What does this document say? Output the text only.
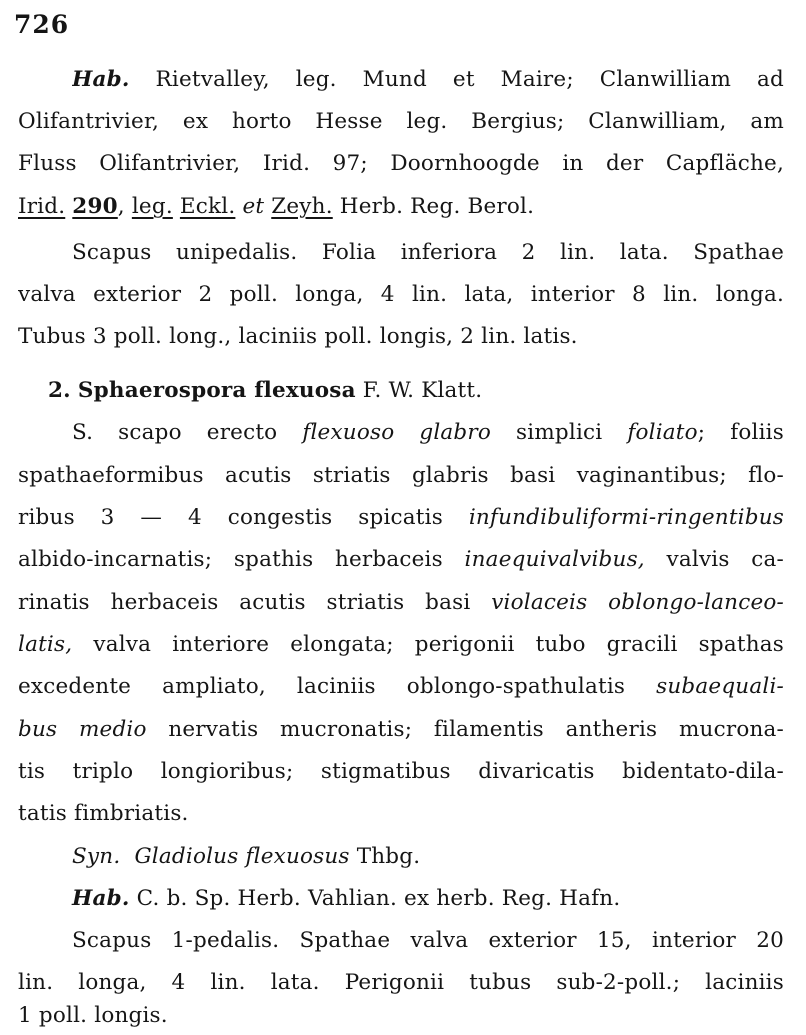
726
Hab. Rietvalley, leg. Mund et Maire; Clanwilliam ad
Olifantrivier, ex horto Hesse leg. Bergius; Clanwilliam, am
Fluss Olifantrivier, Irid. 97; Doornhoogde in der Capfläche,
Irid. 290, leg. Eckl. et Zeyh. Herb. Reg. Berol.
Scapus unipedalis. Folia inferiora 2 lin. lata. Spathae
valva exterior 2 poll. longa, 4 lin. lata, interior 8 lin. longa.
Tubus 3 poll. long., laciniis poll. longis, 2 lin. latis.
2. Sphaerospora flexuosa F. W. Klatt.
S. scapo erecto flexuoso glabro simplici foliato; foliis
spathaeformibus acutis striatis glabris basi vaginantibus; flo-
ribus 3 — 4 congestis spicatis infundibuliformi-ringentibus
albido-incarnatis; spathis herbaceis inaequivalvibus, valvis ca-
rinatis herbaceis acutis striatis basi violaceis oblongo-lanceo-
latis, valva interiore elongata; perigonii tubo gracili spathas
excedente ampliato, laciniis oblongo-spathulatis subaequali-
bus medio nervatis mucronatis; filamentis antheris mucrona-
tis triplo longioribus; stigmatibus divaricatis bidentato-dila-
tatis fimbriatis.
Syn. Gladiolus flexuosus Thbg.
Hab. C. b. Sp. Herb. Vahlian. ex herb. Reg. Hafn.
Scapus 1-pedalis. Spathae valva exterior 15, interior 20
lin. longa, 4 lin. lata. Perigonii tubus sub-2-poll.; laciniis
1 poll. longis.
